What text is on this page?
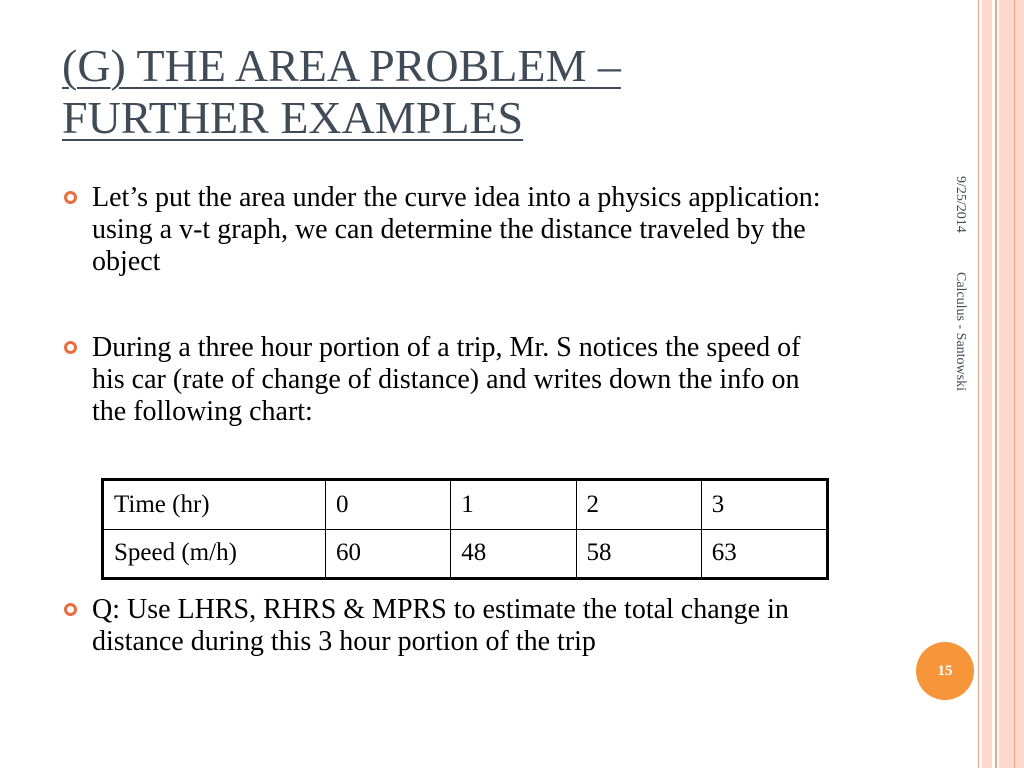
(G) THE AREA PROBLEM – FURTHER EXAMPLES
Let’s put the area under the curve idea into a physics application: using a v-t graph, we can determine the distance traveled by the object
During a three hour portion of a trip, Mr. S notices the speed of his car (rate of change of distance) and writes down the info on the following chart:
Time (hr)	0	1	2	3
Speed (m/h)	60	48	58	63
Q: Use LHRS, RHRS & MPRS to estimate the total change in distance during this 3 hour portion of the trip
9/25/2014
Calculus - Santowski
15
